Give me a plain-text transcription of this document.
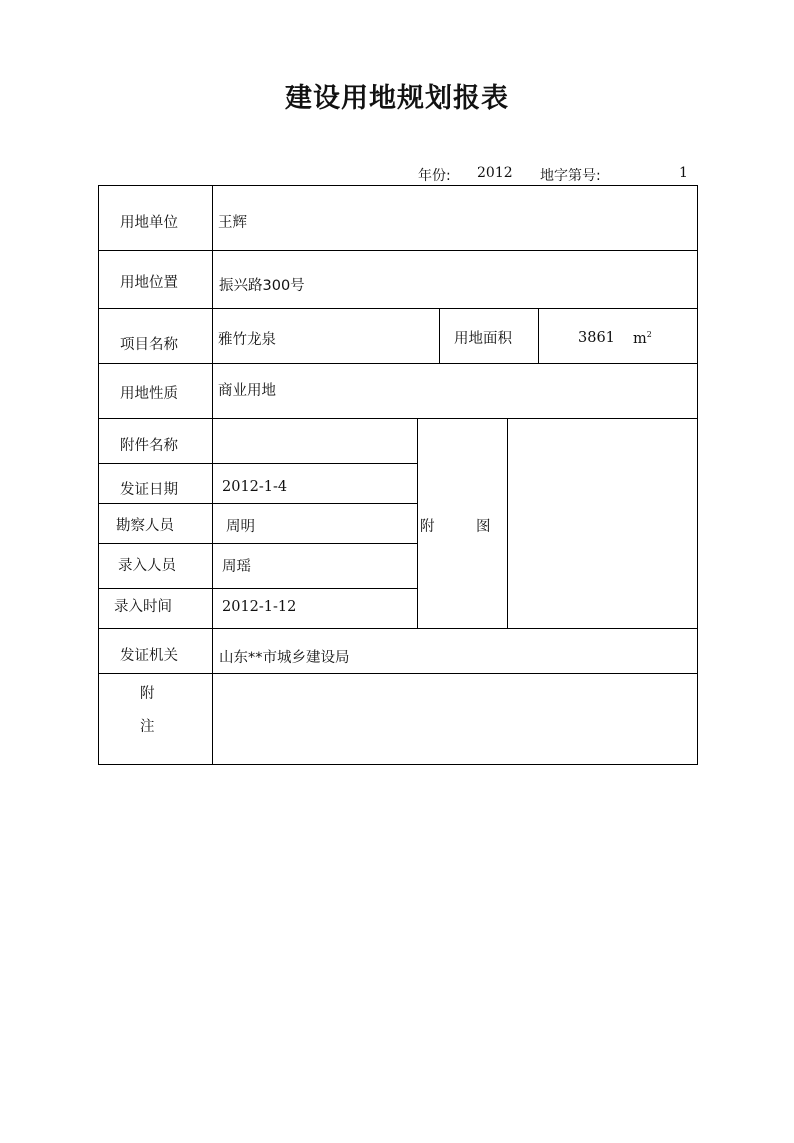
建设用地规划报表
年份: 2012 地字第号:	1
用地单位	王辉
用地位置	振兴路300号
项目名称	雅竹龙泉	用地面积	3861 $m^2$
用地性质	商业用地
附件名称
发证日期	2012-1-4
勘察人员	周明
录入人员	周瑶
录入时间	2012-1-12
附	图
发证机关	山东**市城乡建设局
附
注
